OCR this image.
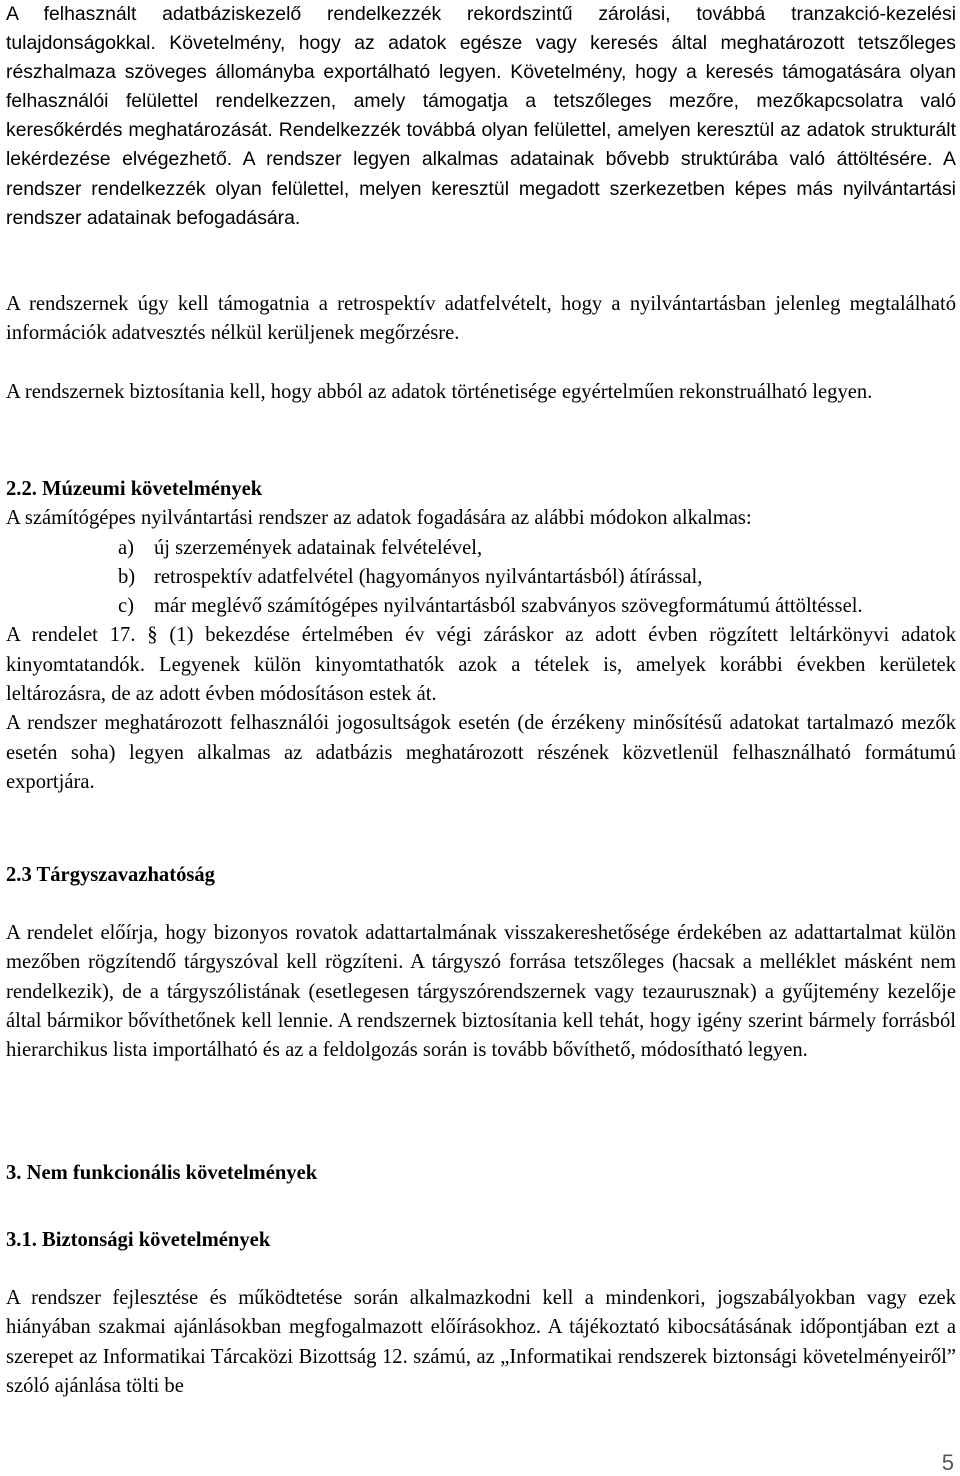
A felhasznált adatbáziskezelő rendelkezzék rekordszintű zárolási, továbbá tranzakció-kezelési tulajdonságokkal. Követelmény, hogy az adatok egésze vagy keresés által meghatározott tetszőleges részhalmaza szöveges állományba exportálható legyen. Követelmény, hogy a keresés támogatására olyan felhasználói felülettel rendelkezzen, amely támogatja a tetszőleges mezőre, mezőkapcsolatra való keresőkérdés meghatározását. Rendelkezzék továbbá olyan felülettel, amelyen keresztül az adatok strukturált lekérdezése elvégezhető. A rendszer legyen alkalmas adatainak bővebb struktúrába való áttöltésére. A rendszer rendelkezzék olyan felülettel, melyen keresztül megadott szerkezetben képes más nyilvántartási rendszer adatainak befogadására.

A rendszernek úgy kell támogatnia a retrospektív adatfelvételt, hogy a nyilvántartásban jelenleg megtalálható információk adatvesztés nélkül kerüljenek megőrzésre.

A rendszernek biztosítania kell, hogy abból az adatok történetisége egyértelműen rekonstruálható legyen.

2.2. Múzeumi követelmények

A számítógépes nyilvántartási rendszer az adatok fogadására az alábbi módokon alkalmas:

a) új szerzemények adatainak felvételével,
b) retrospektív adatfelvétel (hagyományos nyilvántartásból) átírással,
c) már meglévő számítógépes nyilvántartásból szabványos szövegformátumú áttöltéssel.

A rendelet 17. § (1) bekezdése értelmében év végi záráskor az adott évben rögzített leltárkönyvi adatok kinyomtatandók. Legyenek külön kinyomtathatók azok a tételek is, amelyek korábbi években kerületek leltározásra, de az adott évben módosításon estek át.

A rendszer meghatározott felhasználói jogosultságok esetén (de érzékeny minősítésű adatokat tartalmazó mezők esetén soha) legyen alkalmas az adatbázis meghatározott részének közvetlenül felhasználható formátumú exportjára.

2.3 Tárgyszavazhatóság

A rendelet előírja, hogy bizonyos rovatok adattartalmának visszakereshetősége érdekében az adattartalmat külön mezőben rögzítendő tárgyszóval kell rögzíteni. A tárgyszó forrása tetszőleges (hacsak a melléklet másként nem rendelkezik), de a tárgyszólistának (esetlegesen tárgyszórendszernek vagy tezaurusznak) a gyűjtemény kezelője által bármikor bővíthetőnek kell lennie. A rendszernek biztosítania kell tehát, hogy igény szerint bármely forrásból hierarchikus lista importálható és az a feldolgozás során is tovább bővíthető, módosítható legyen.

3. Nem funkcionális követelmények
3.1. Biztonsági követelmények

A rendszer fejlesztése és működtetése során alkalmazkodni kell a mindenkori, jogszabályokban vagy ezek hiányában szakmai ajánlásokban megfogalmazott előírásokhoz. A tájékoztató kibocsátásának időpontjában ezt a szerepet az Informatikai Tárcaközi Bizottság 12. számú, az „Informatikai rendszerek biztonsági követelményeiről” szóló ajánlása tölti be

5
